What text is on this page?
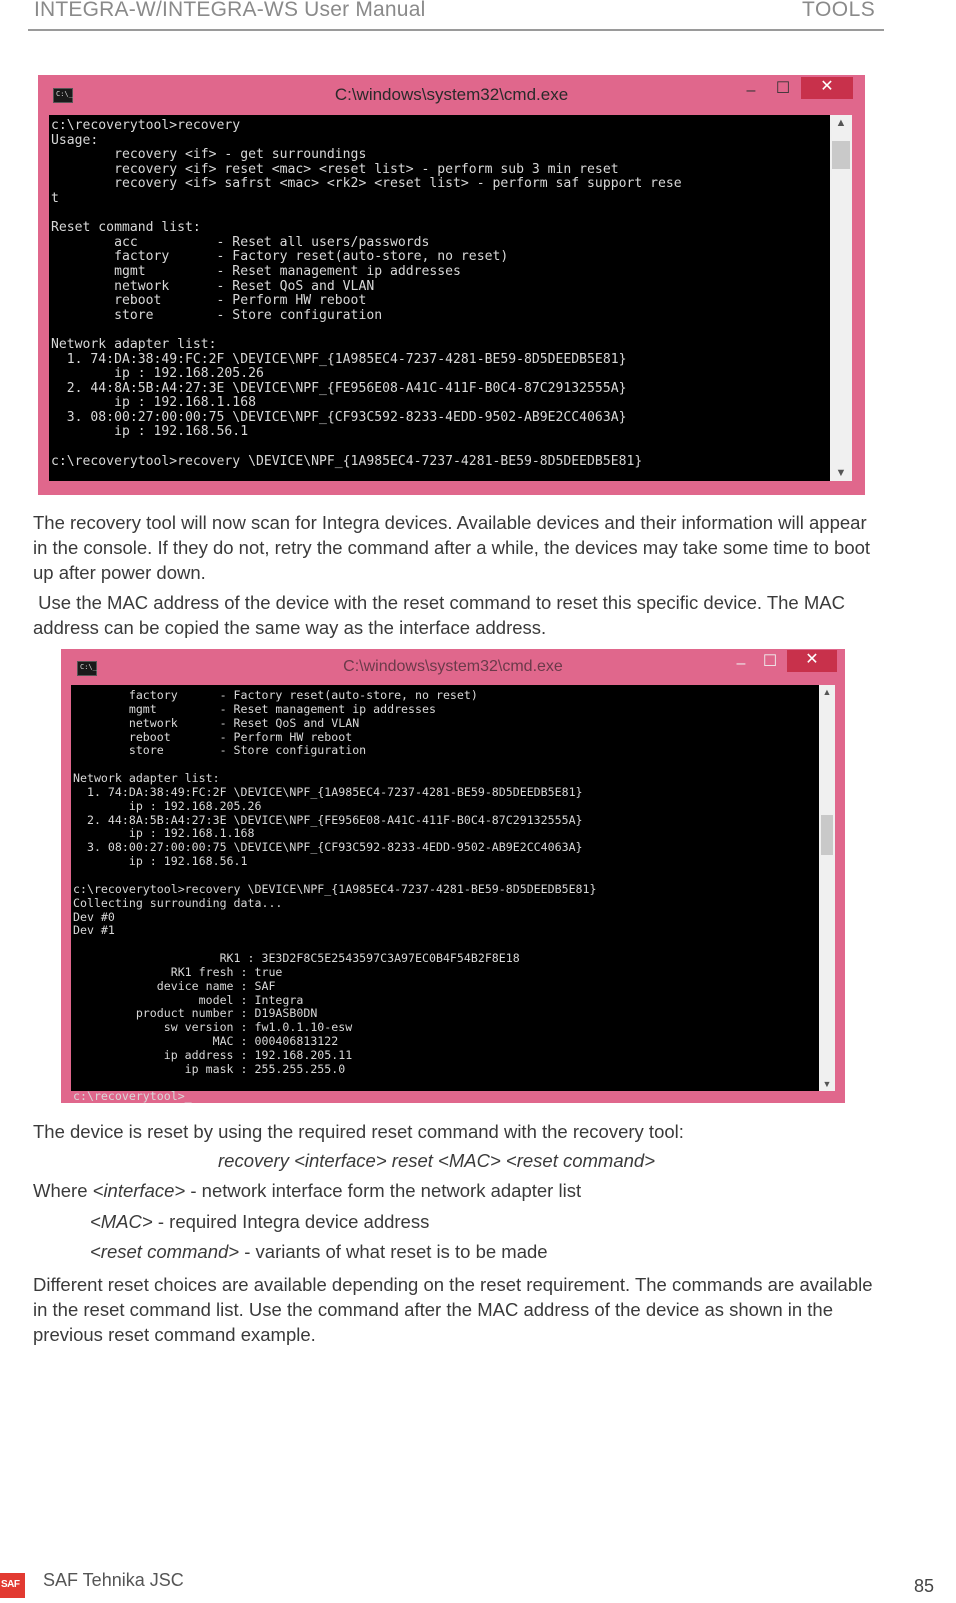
INTEGRA-W/INTEGRA-WS User Manual	TOOLS
C:\_	C:\windows\system32\cmd.exe	–	☐	✕
c:\recoverytool>recovery
Usage:
recovery <if> - get surroundings
recovery <if> reset <mac> <reset list> - perform sub 3 min reset
recovery <if> safrst <mac> <rk2> <reset list> - perform saf support rese
t

Reset command list:
acc          - Reset all users/passwords
factory      - Factory reset(auto-store, no reset)
mgmt         - Reset management ip addresses
network      - Reset QoS and VLAN
reboot       - Perform HW reboot
store        - Store configuration

Network adapter list:
1. 74:DA:38:49:FC:2F \DEVICE\NPF_{1A985EC4-7237-4281-BE59-8D5DEEDB5E81}
ip : 192.168.205.26
2. 44:8A:5B:A4:27:3E \DEVICE\NPF_{FE956E08-A41C-411F-B0C4-87C29132555A}
ip : 192.168.1.168
3. 08:00:27:00:00:75 \DEVICE\NPF_{CF93C592-8233-4EDD-9502-AB9E2CC4063A}
ip : 192.168.56.1

c:\recoverytool>recovery \DEVICE\NPF_{1A985EC4-7237-4281-BE59-8D5DEEDB5E81}
▲
▼

The recovery tool will now scan for Integra devices. Available devices and their information will appear in the console. If they do not, retry the command after a while, the devices may take some time to boot up after power down.

Use the MAC address of the device with the reset command to reset this specific device. The MAC address can be copied the same way as the interface address.

C:\_	C:\windows\system32\cmd.exe	–	☐	✕
factory      - Factory reset(auto-store, no reset)
mgmt         - Reset management ip addresses
network      - Reset QoS and VLAN
reboot       - Perform HW reboot
store        - Store configuration

Network adapter list:
1. 74:DA:38:49:FC:2F \DEVICE\NPF_{1A985EC4-7237-4281-BE59-8D5DEEDB5E81}
ip : 192.168.205.26
2. 44:8A:5B:A4:27:3E \DEVICE\NPF_{FE956E08-A41C-411F-B0C4-87C29132555A}
ip : 192.168.1.168
3. 08:00:27:00:00:75 \DEVICE\NPF_{CF93C592-8233-4EDD-9502-AB9E2CC4063A}
ip : 192.168.56.1

c:\recoverytool>recovery \DEVICE\NPF_{1A985EC4-7237-4281-BE59-8D5DEEDB5E81}
Collecting surrounding data...
Dev #0
Dev #1

RK1 : 3E3D2F8C5E2543597C3A97EC0B4F54B2F8E18
RK1 fresh : true
device name : SAF
model : Integra
product number : D19ASB0DN
sw version : fw1.0.1.10-esw
MAC : 000406813122
ip address : 192.168.205.11
ip mask : 255.255.255.0

c:\recoverytool>_
▲
▼

The device is reset by using the required reset command with the recovery tool:

recovery <interface> reset <MAC> <reset command>
Where <interface> - network interface form the network adapter list
<MAC> - required Integra device address
<reset command> - variants of what reset is to be made

Different reset choices are available depending on the reset requirement. The commands are available in the reset command list. Use the command after the MAC address of the device as shown in the previous reset command example.

SAF SAF Tehnika JSC	85
